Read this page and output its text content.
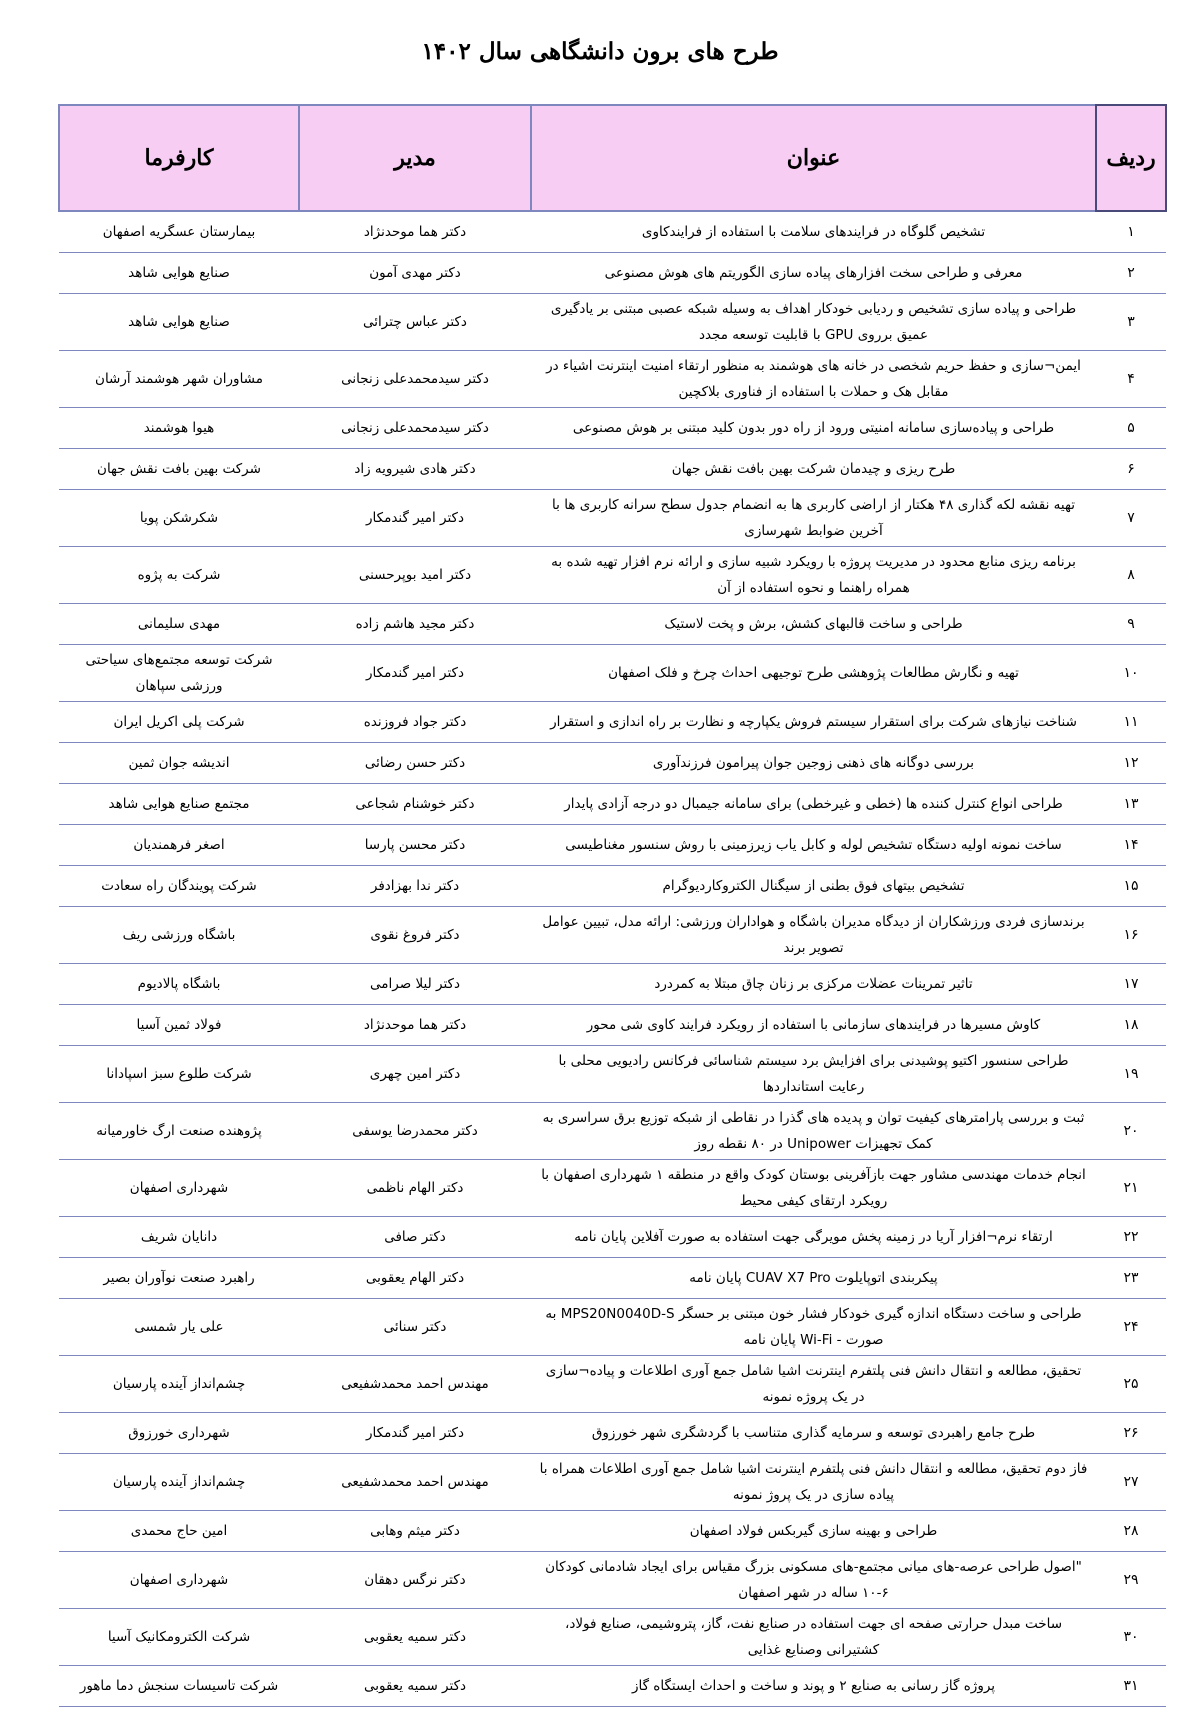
طرح های برون دانشگاهی سال ۱۴۰۲
ردیف	عنوان	مدیر	کارفرما
۱	تشخیص گلوگاه در فرایندهای سلامت با استفاده از فرایندکاوی	دکتر هما موحدنژاد	بیمارستان عسگریه اصفهان
۲	معرفی و طراحی سخت افزارهای پیاده سازی الگوریتم های هوش مصنوعی	دکتر مهدی آمون	صنایع هوایی شاهد
۳	طراحی و پیاده سازی تشخیص و ردیابی خودکار اهداف به وسیله شبکه عصبی مبتنی بر یادگیری عمیق برروی GPU با قابلیت توسعه مجدد	دکتر عباس چترائی	صنایع هوایی شاهد
۴	ایمن¬سازی و حفظ حریم شخصی در خانه های هوشمند به منظور ارتقاء امنیت اینترنت اشیاء در مقابل هک و حملات با استفاده از فناوری بلاکچین	دکتر سیدمحمدعلی زنجانی	مشاوران شهر هوشمند آرشان
۵	طراحی و پیاده‌سازی سامانه امنیتی ورود از راه دور بدون کلید مبتنی بر هوش مصنوعی	دکتر سیدمحمدعلی زنجانی	هیوا هوشمند
۶	طرح ریزی و چیدمان شرکت بهین بافت نقش جهان	دکتر هادی شیرویه زاد	شرکت بهین بافت نقش جهان
۷	تهیه نقشه لکه گذاری ۴۸ هکتار از اراضی کاربری ها به انضمام جدول سطح سرانه کاربری ها با آخرین ضوابط شهرسازی	دکتر امیر گندمکار	شکرشکن پویا
۸	برنامه ریزی منابع محدود در مدیریت پروژه با رویکرد شبیه سازی و ارائه نرم افزار تهیه شده به همراه راهنما و نحوه استفاده از آن	دکتر امید بوپرحسنی	شرکت به پژوه
۹	طراحی و ساخت قالبهای کشش، برش و پخت لاستیک	دکتر مجید هاشم زاده	مهدی سلیمانی
۱۰	تهیه و نگارش مطالعات پژوهشی طرح توجیهی احداث چرخ و فلک اصفهان	دکتر امیر گندمکار	شرکت توسعه مجتمع‌های سیاحتی ورزشی سپاهان
۱۱	شناخت نیازهای شرکت برای استقرار سیستم فروش یکپارچه و نظارت بر راه اندازی و استقرار	دکتر جواد فروزنده	شرکت پلی اکریل ایران
۱۲	بررسی دوگانه های ذهنی زوجین جوان پیرامون فرزندآوری	دکتر حسن رضائی	اندیشه جوان ثمین
۱۳	طراحی انواع کنترل کننده ها (خطی و غیرخطی) برای سامانه جیمبال دو درجه آزادی پایدار	دکتر خوشنام شجاعی	مجتمع صنایع هوایی شاهد
۱۴	ساخت نمونه اولیه دستگاه تشخیص لوله و کابل یاب زیرزمینی با روش سنسور مغناطیسی	دکتر محسن پارسا	اصغر فرهمندیان
۱۵	تشخیص بیتهای فوق بطنی از سیگنال الکتروکاردیوگرام	دکتر ندا بهزادفر	شرکت پویندگان راه سعادت
۱۶	برندسازی فردی ورزشکاران از دیدگاه مدیران باشگاه و هواداران ورزشی: ارائه مدل، تبیین عوامل تصویر برند	دکتر فروغ نقوی	باشگاه ورزشی ریف
۱۷	تاثیر تمرینات عضلات مرکزی بر زنان چاق مبتلا به کمردرد	دکتر لیلا صرامی	باشگاه پالادیوم
۱۸	کاوش مسیرها در فرایندهای سازمانی با استفاده از رویکرد فرایند کاوی شی محور	دکتر هما موحدنژاد	فولاد ثمین آسیا
۱۹	طراحی سنسور اکتیو پوشیدنی برای افزایش برد سیستم شناسائی فرکانس رادیویی محلی با رعایت استانداردها	دکتر امین چهری	شرکت طلوع سبز اسپادانا
۲۰	ثبت و بررسی پارامترهای کیفیت توان و پدیده های گذرا در نقاطی از شبکه توزیع برق سراسری به کمک تجهیزات Unipower در ۸۰ نقطه روز	دکتر محمدرضا یوسفی	پژوهنده صنعت ارگ خاورمیانه
۲۱	انجام خدمات مهندسی مشاور جهت بازآفرینی بوستان کودک واقع در منطقه ۱ شهرداری اصفهان با رویکرد ارتقای کیفی محیط	دکتر الهام ناظمی	شهرداری اصفهان
۲۲	ارتقاء نرم¬افزار آریا در زمینه پخش مویرگی جهت استفاده به صورت آفلاین پایان نامه	دکتر صافی	دانایان شریف
۲۳	پیکربندی اتوپایلوت CUAV X7 Pro پایان نامه	دکتر الهام یعقوبی	راهبرد صنعت نوآوران بصیر
۲۴	طراحی و ساخت دستگاه اندازه گیری خودکار فشار خون مبتنی بر حسگر MPS20N0040D-S به صورت - Wi-Fi پایان نامه	دکتر سنائی	علی یار شمسی
۲۵	تحقیق، مطالعه و انتقال دانش فنی پلتفرم اینترنت اشیا شامل جمع آوری اطلاعات و پیاده¬سازی در یک پروژه نمونه	مهندس احمد محمدشفیعی	چشم‌انداز آینده پارسیان
۲۶	طرح جامع راهبردی توسعه و سرمایه گذاری متناسب با گردشگری شهر خورزوق	دکتر امیر گندمکار	شهرداری خورزوق
۲۷	فاز دوم تحقیق، مطالعه و انتقال دانش فنی پلتفرم اینترنت اشیا شامل جمع آوری اطلاعات همراه با پیاده سازی در یک پروژ نمونه	مهندس احمد محمدشفیعی	چشم‌انداز آینده پارسیان
۲۸	طراحی و بهینه سازی گیربکس فولاد اصفهان	دکتر میثم وهابی	امین حاج محمدی
۲۹	"اصول طراحی عرصه-های میانی مجتمع-های مسکونی بزرگ مقیاس برای ایجاد شادمانی کودکان ۶-۱۰ ساله در شهر اصفهان	دکتر نرگس دهقان	شهرداری اصفهان
۳۰	ساخت مبدل حرارتی صفحه ای جهت استفاده در صنایع نفت، گاز، پتروشیمی، صنایع فولاد، کشتیرانی وصنایع غذایی	دکتر سمیه یعقوبی	شرکت الکترومکانیک آسیا
۳۱	پروژه گاز رسانی به صنایع ۲ و پوند و ساخت و احداث ایستگاه گاز	دکتر سمیه یعقوبی	شرکت تاسیسات سنجش دما ماهور
